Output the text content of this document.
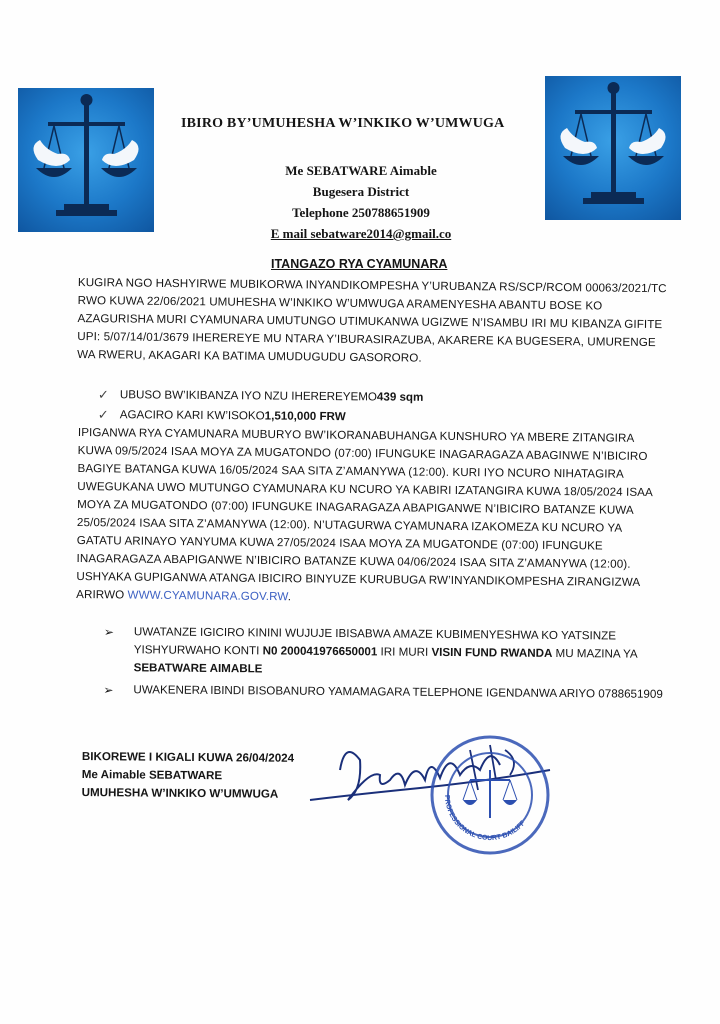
IBIRO BY’UMUHESHA W’INKIKO W’UMWUGA
Me SEBATWARE Aimable
Bugesera District
Telephone 250788651909
E mail sebatware2014@gmail.co
ITANGAZO RYA CYAMUNARA
KUGIRA NGO HASHYIRWE MUBIKORWA INYANDIKOMPESHA Y’URUBANZA RS/SCP/RCOM 00063/2021/TC RWO KUWA 22/06/2021 UMUHESHA W’INKIKO W’UMWUGA ARAMENYESHA ABANTU BOSE KO AZAGURISHA MURI CYAMUNARA UMUTUNGO UTIMUKANWA UGIZWE N’ISAMBU IRI MU KIBANZA GIFITE UPI: 5/07/14/01/3679 IHEREREYE MU NTARA Y’IBURASIRAZUBA, AKARERE KA BUGESERA, UMURENGE WA RWERU, AKAGARI KA BATIMA UMUDUGUDU GASORORO.
✓ UBUSO BW’IKIBANZA IYO NZU IHEREREYEMO 439 sqm
✓ AGACIRO KARI KW’ISOKO 1,510,000 FRW
IPIGANWA RYA CYAMUNARA MUBURYO BW’IKORANABUHANGA KUNSHURO YA MBERE ZITANGIRA KUWA 09/5/2024 ISAA MOYA ZA MUGATONDO (07:00) IFUNGUKE INAGARAGAZA ABAGINWE N’IBICIRO BAGIYE BATANGA KUWA 16/05/2024 SAA SITA Z’AMANYWA (12:00). KURI IYO NCURO NIHATAGIRA UWEGUKANA UWO MUTUNGO CYAMUNARA KU NCURO YA KABIRI IZATANGIRA KUWA 18/05/2024 ISAA MOYA ZA MUGATONDO (07:00) IFUNGUKE INAGARAGAZA ABAPIGANWE N’IBICIRO BATANZE KUWA 25/05/2024 ISAA SITA Z’AMANYWA (12:00). N’UTAGURWA CYAMUNARA IZAKOMEZA KU NCURO YA GATATU ARINAYO YANYUMA KUWA 27/05/2024 ISAA MOYA ZA MUGATONDE (07:00) IFUNGUKE INAGARAGAZA ABAPIGANWE N’IBICIRO BATANZE KUWA 04/06/2024 ISAA SITA Z’AMANYWA (12:00). USHYAKA GUPIGANWA ATANGA IBICIRO BINYUZE KURUBUGA RW’INYANDIKOMPESHA ZIRANGIZWA ARIRWO WWW.CYAMUNARA.GOV.RW.
➢	UWATANZE IGICIRO KININI WUJUJE IBISABWA AMAZE KUBIMENYESHWA KO YATSINZE YISHYURWAHO KONTI N0 200041976650001 IRI MURI VISIN FUND RWANDA MU MAZINA YA SEBATWARE AIMABLE
➢	UWAKENERA IBINDI BISOBANURO YAMAMAGARA TELEPHONE IGENDANWA ARIYO 0788651909
BIKOREWE I KIGALI KUWA 26/04/2024
Me Aimable SEBATWARE
UMUHESHA W’INKIKO W’UMWUGA	PROFESSIONAL COURT BAILIFF
